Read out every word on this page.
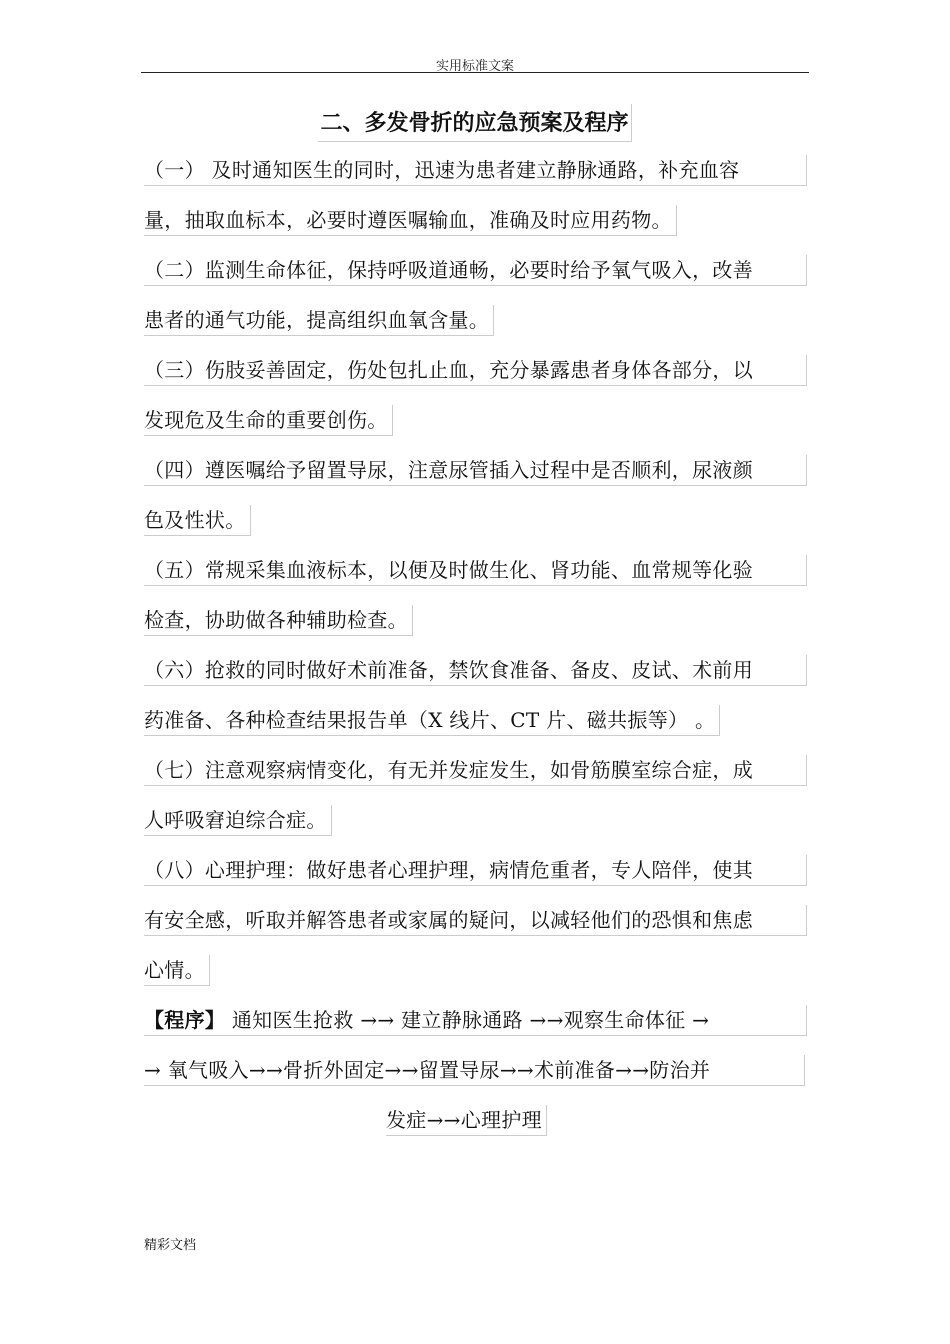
实用标准文案
二、多发骨折的应急预案及程序
（一） 及时通知医生的同时，迅速为患者建立静脉通路，补充血容
量，抽取血标本，必要时遵医嘱输血，准确及时应用药物。
（二）监测生命体征，保持呼吸道通畅，必要时给予氧气吸入，改善
患者的通气功能，提高组织血氧含量。
（三）伤肢妥善固定，伤处包扎止血，充分暴露患者身体各部分，以
发现危及生命的重要创伤。
（四）遵医嘱给予留置导尿，注意尿管插入过程中是否顺利，尿液颜
色及性状。
（五）常规采集血液标本，以便及时做生化、肾功能、血常规等化验
检查，协助做各种辅助检查。
（六）抢救的同时做好术前准备，禁饮食准备、备皮、皮试、术前用
药准备、各种检查结果报告单（X 线片、CT 片、磁共振等） 。
（七）注意观察病情变化，有无并发症发生，如骨筋膜室综合症，成
人呼吸窘迫综合症。
（八）心理护理：做好患者心理护理，病情危重者，专人陪伴，使其
有安全感，听取并解答患者或家属的疑问，以减轻他们的恐惧和焦虑
心情。
【程序】 通知医生抢救 →→ 建立静脉通路 →→观察生命体征 →
→ 氧气吸入→→骨折外固定→→留置导尿→→术前准备→→防治并
发症→→心理护理
精彩文档
